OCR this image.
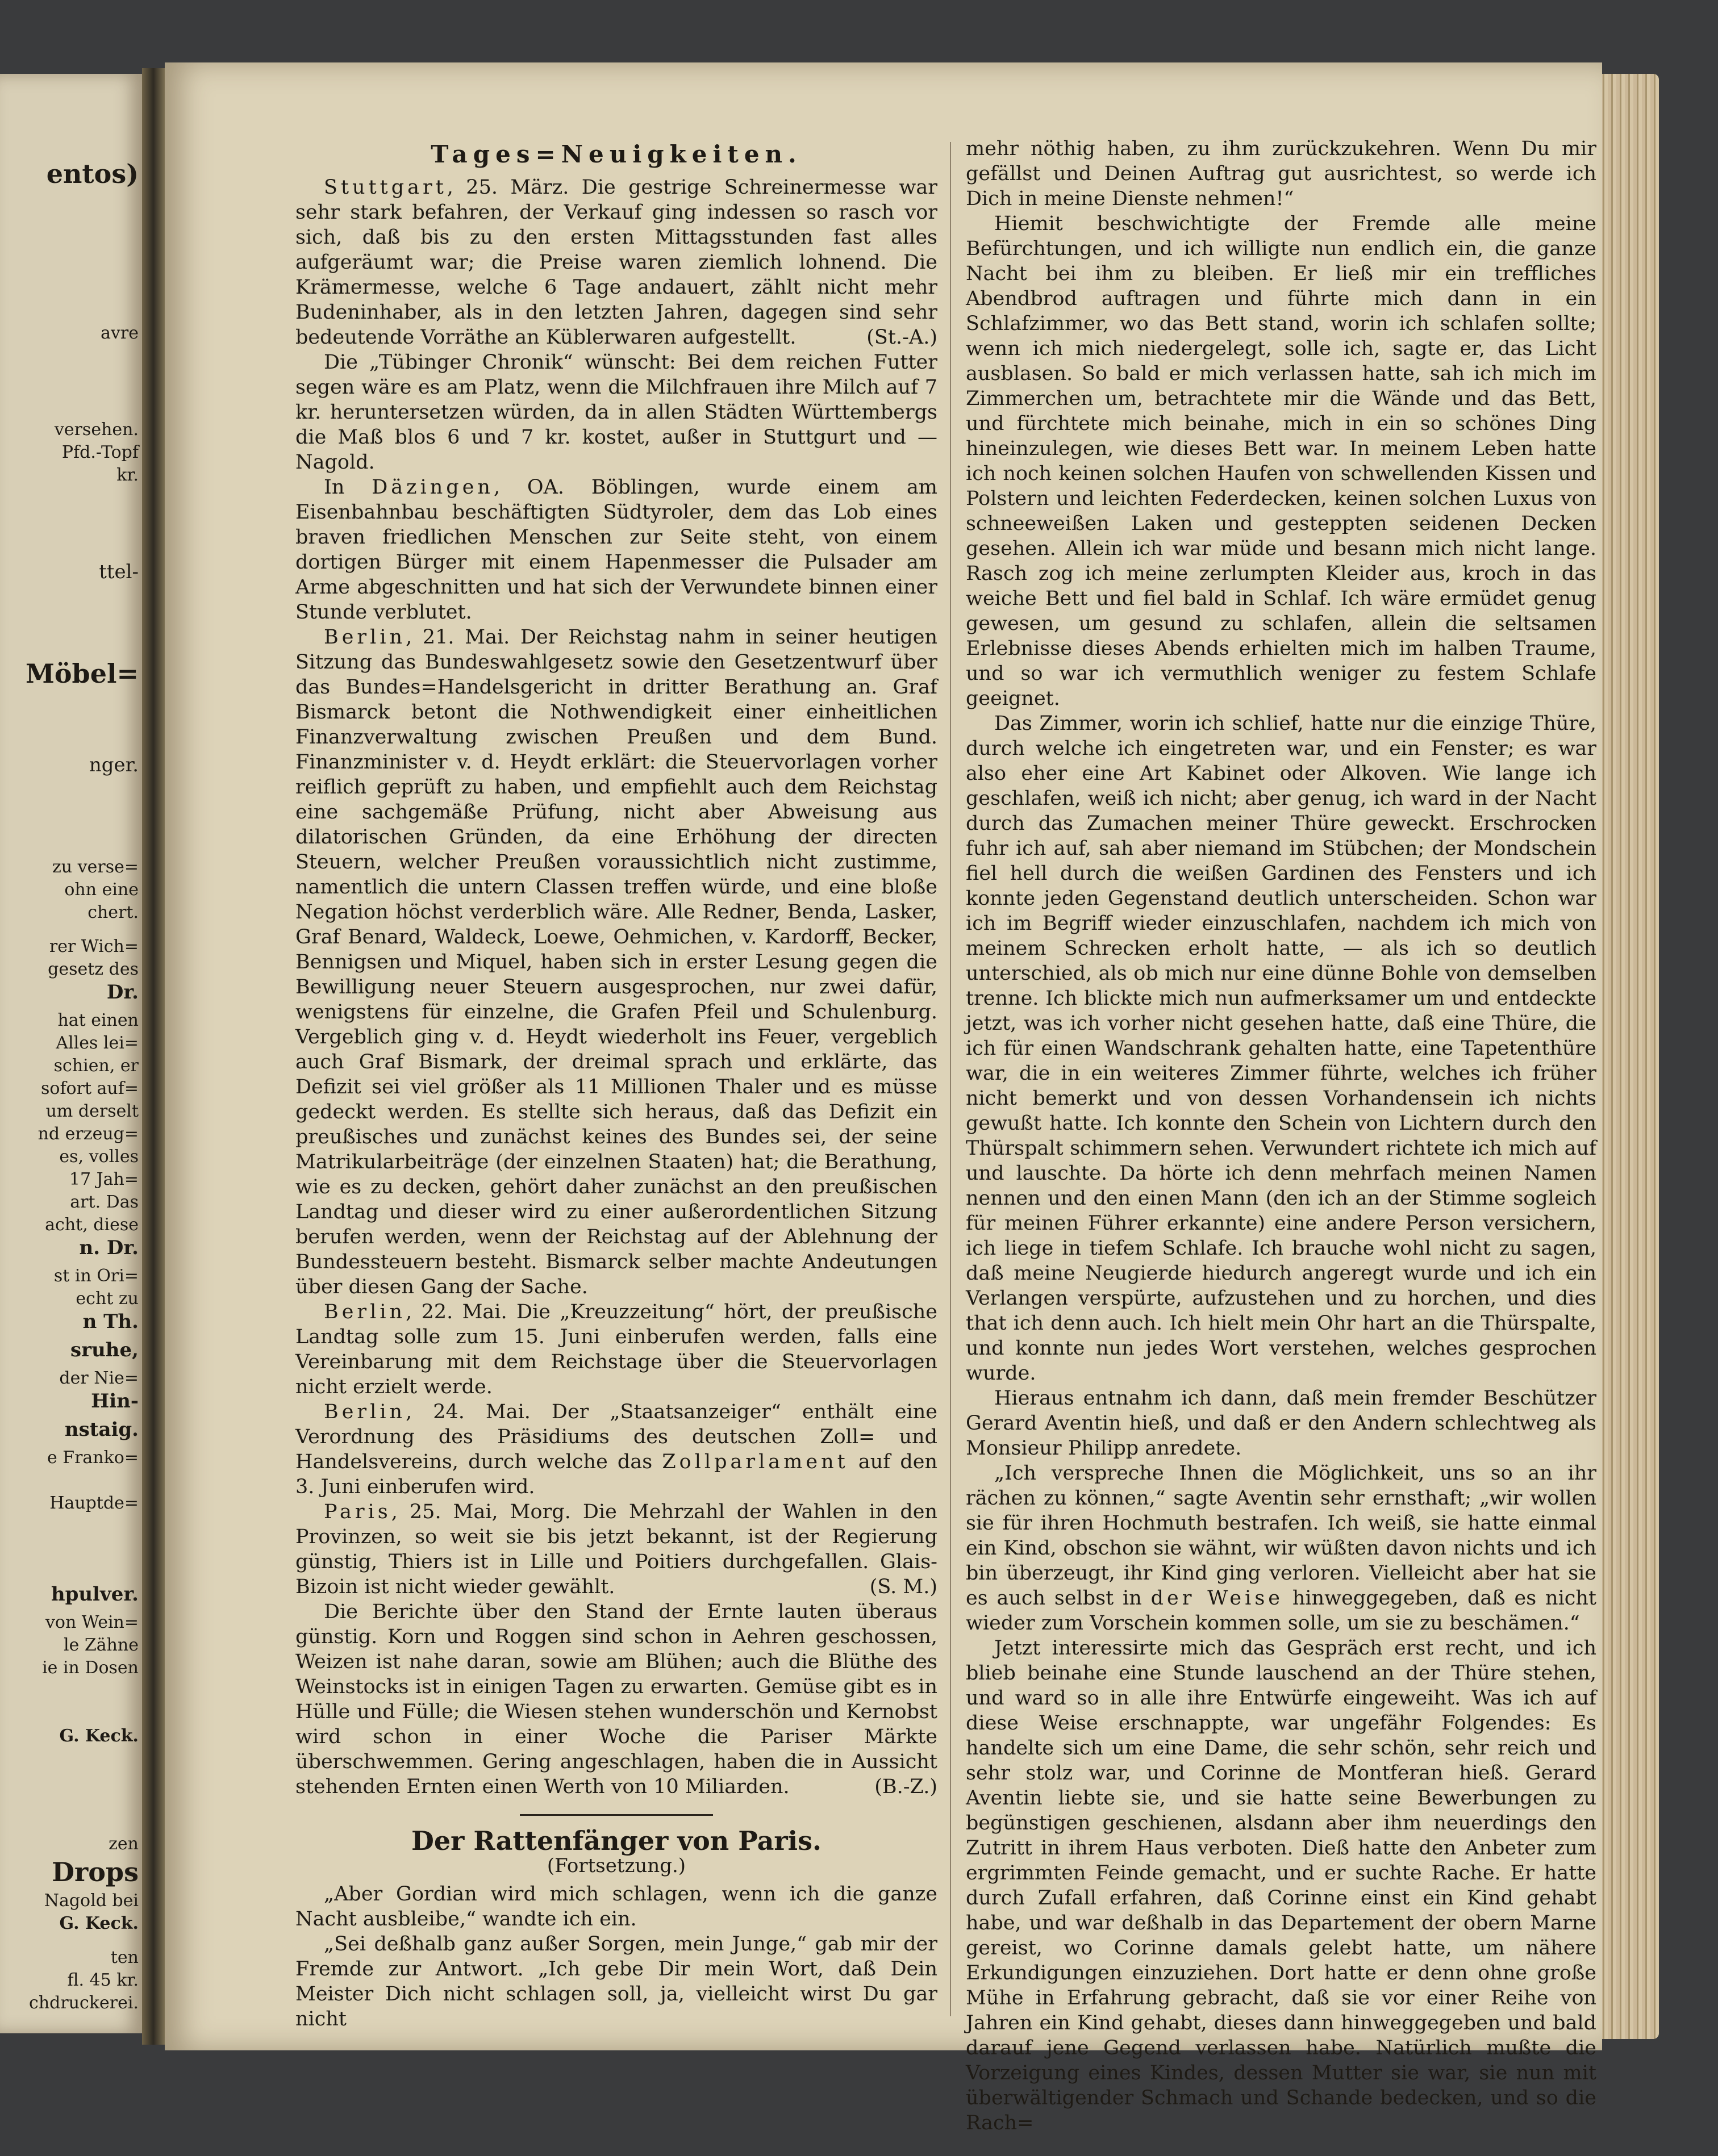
entos)
avre
versehen.
Pfd.-Topf
kr.
ttel-
Möbel=
nger.
zu verse=
ohn eine
chert.
rer Wich=
gesetz des
Dr.
hat einen
Alles lei=
schien, er
sofort auf=
um derselt
nd erzeug=
es, volles
17 Jah=
art. Das
acht, diese
n. Dr.
st in Ori=
echt zu
n Th.
sruhe,
der Nie=
Hin-
nstaig.
e Franko=
Hauptde=
hpulver.
von Wein=
le Zähne
ie in Dosen
G. Keck.
zen
Drops
Nagold bei
G. Keck.
ten
fl. 45 kr.
chdruckerei.
Tages=Neuigkeiten.

Stuttgart, 25. März. Die gestrige Schreinermesse war sehr stark befahren, der Verkauf ging indessen so rasch vor sich, daß bis zu den ersten Mittagsstunden fast alles aufgeräumt war; die Preise waren ziemlich lohnend. Die Krämermesse, welche 6 Tage andauert, zählt nicht mehr Budeninhaber, als in den letzten Jahren, dagegen sind sehr bedeutende Vorräthe an Küblerwaren aufgestellt.	(St.-A.)

Die „Tübinger Chronik“ wünscht: Bei dem reichen Futter segen wäre es am Platz, wenn die Milchfrauen ihre Milch auf 7 kr. heruntersetzen würden, da in allen Städten Württembergs die Maß blos 6 und 7 kr. kostet, außer in Stuttgurt und — Nagold.

In Däzingen, OA. Böblingen, wurde einem am Eisenbahnbau beschäftigten Südtyroler, dem das Lob eines braven friedlichen Menschen zur Seite steht, von einem dortigen Bürger mit einem Hapenmesser die Pulsader am Arme abgeschnitten und hat sich der Verwundete binnen einer Stunde verblutet.

Berlin, 21. Mai. Der Reichstag nahm in seiner heutigen Sitzung das Bundeswahlgesetz sowie den Gesetzentwurf über das Bundes=Handelsgericht in dritter Berathung an. Graf Bismarck betont die Nothwendigkeit einer einheitlichen Finanzverwaltung zwischen Preußen und dem Bund. Finanzminister v. d. Heydt erklärt: die Steuervorlagen vorher reiflich geprüft zu haben, und empfiehlt auch dem Reichstag eine sachgemäße Prüfung, nicht aber Abweisung aus dilatorischen Gründen, da eine Erhöhung der directen Steuern, welcher Preußen voraussichtlich nicht zustimme, namentlich die untern Classen treffen würde, und eine bloße Negation höchst verderblich wäre. Alle Redner, Benda, Lasker, Graf Benard, Waldeck, Loewe, Oehmichen, v. Kardorff, Becker, Bennigsen und Miquel, haben sich in erster Lesung gegen die Bewilligung neuer Steuern ausgesprochen, nur zwei dafür, wenigstens für einzelne, die Grafen Pfeil und Schulenburg. Vergeblich ging v. d. Heydt wiederholt ins Feuer, vergeblich auch Graf Bismark, der dreimal sprach und erklärte, das Defizit sei viel größer als 11 Millionen Thaler und es müsse gedeckt werden. Es stellte sich heraus, daß das Defizit ein preußisches und zunächst keines des Bundes sei, der seine Matrikularbeiträge (der einzelnen Staaten) hat; die Berathung, wie es zu decken, gehört daher zunächst an den preußischen Landtag und dieser wird zu einer außerordentlichen Sitzung berufen werden, wenn der Reichstag auf der Ablehnung der Bundessteuern besteht. Bismarck selber machte Andeutungen über diesen Gang der Sache.

Berlin, 22. Mai. Die „Kreuzzeitung“ hört, der preußische Landtag solle zum 15. Juni einberufen werden, falls eine Vereinbarung mit dem Reichstage über die Steuervorlagen nicht erzielt werde.

Berlin, 24. Mai. Der „Staatsanzeiger“ enthält eine Verordnung des Präsidiums des deutschen Zoll= und Handelsvereins, durch welche das Zollparlament auf den 3. Juni einberufen wird.

Paris, 25. Mai, Morg. Die Mehrzahl der Wahlen in den Provinzen, so weit sie bis jetzt bekannt, ist der Regierung günstig, Thiers ist in Lille und Poitiers durchgefallen. Glais-Bizoin ist nicht wieder gewählt.	(S. M.)

Die Berichte über den Stand der Ernte lauten überaus günstig. Korn und Roggen sind schon in Aehren geschossen, Weizen ist nahe daran, sowie am Blühen; auch die Blüthe des Weinstocks ist in einigen Tagen zu erwarten. Gemüse gibt es in Hülle und Fülle; die Wiesen stehen wunderschön und Kernobst wird schon in einer Woche die Pariser Märkte überschwemmen. Gering angeschlagen, haben die in Aussicht stehenden Ernten einen Werth von 10 Miliarden.	(B.-Z.)

Der Rattenfänger von Paris.
(Fortsetzung.)

„Aber Gordian wird mich schlagen, wenn ich die ganze Nacht ausbleibe,“ wandte ich ein.

„Sei deßhalb ganz außer Sorgen, mein Junge,“ gab mir der Fremde zur Antwort. „Ich gebe Dir mein Wort, daß Dein Meister Dich nicht schlagen soll, ja, vielleicht wirst Du gar nicht

mehr nöthig haben, zu ihm zurückzukehren. Wenn Du mir gefällst und Deinen Auftrag gut ausrichtest, so werde ich Dich in meine Dienste nehmen!“

Hiemit beschwichtigte der Fremde alle meine Befürchtungen, und ich willigte nun endlich ein, die ganze Nacht bei ihm zu bleiben. Er ließ mir ein treffliches Abendbrod auftragen und führte mich dann in ein Schlafzimmer, wo das Bett stand, worin ich schlafen sollte; wenn ich mich niedergelegt, solle ich, sagte er, das Licht ausblasen. So bald er mich verlassen hatte, sah ich mich im Zimmerchen um, betrachtete mir die Wände und das Bett, und fürchtete mich beinahe, mich in ein so schönes Ding hineinzulegen, wie dieses Bett war. In meinem Leben hatte ich noch keinen solchen Haufen von schwellenden Kissen und Polstern und leichten Federdecken, keinen solchen Luxus von schneeweißen Laken und gesteppten seidenen Decken gesehen. Allein ich war müde und besann mich nicht lange. Rasch zog ich meine zerlumpten Kleider aus, kroch in das weiche Bett und fiel bald in Schlaf. Ich wäre ermüdet genug gewesen, um gesund zu schlafen, allein die seltsamen Erlebnisse dieses Abends erhielten mich im halben Traume, und so war ich vermuthlich weniger zu festem Schlafe geeignet.

Das Zimmer, worin ich schlief, hatte nur die einzige Thüre, durch welche ich eingetreten war, und ein Fenster; es war also eher eine Art Kabinet oder Alkoven. Wie lange ich geschlafen, weiß ich nicht; aber genug, ich ward in der Nacht durch das Zumachen meiner Thüre geweckt. Erschrocken fuhr ich auf, sah aber niemand im Stübchen; der Mondschein fiel hell durch die weißen Gardinen des Fensters und ich konnte jeden Gegenstand deutlich unterscheiden. Schon war ich im Begriff wieder einzuschlafen, nachdem ich mich von meinem Schrecken erholt hatte, — als ich so deutlich unterschied, als ob mich nur eine dünne Bohle von demselben trenne. Ich blickte mich nun aufmerksamer um und entdeckte jetzt, was ich vorher nicht gesehen hatte, daß eine Thüre, die ich für einen Wandschrank gehalten hatte, eine Tapetenthüre war, die in ein weiteres Zimmer führte, welches ich früher nicht bemerkt und von dessen Vorhandensein ich nichts gewußt hatte. Ich konnte den Schein von Lichtern durch den Thürspalt schimmern sehen. Verwundert richtete ich mich auf und lauschte. Da hörte ich denn mehrfach meinen Namen nennen und den einen Mann (den ich an der Stimme sogleich für meinen Führer erkannte) eine andere Person versichern, ich liege in tiefem Schlafe. Ich brauche wohl nicht zu sagen, daß meine Neugierde hiedurch angeregt wurde und ich ein Verlangen verspürte, aufzustehen und zu horchen, und dies that ich denn auch. Ich hielt mein Ohr hart an die Thürspalte, und konnte nun jedes Wort verstehen, welches gesprochen wurde.

Hieraus entnahm ich dann, daß mein fremder Beschützer Gerard Aventin hieß, und daß er den Andern schlechtweg als Monsieur Philipp anredete.

„Ich verspreche Ihnen die Möglichkeit, uns so an ihr rächen zu können,“ sagte Aventin sehr ernsthaft; „wir wollen sie für ihren Hochmuth bestrafen. Ich weiß, sie hatte einmal ein Kind, obschon sie wähnt, wir wüßten davon nichts und ich bin überzeugt, ihr Kind ging verloren. Vielleicht aber hat sie es auch selbst in der Weise hinweggegeben, daß es nicht wieder zum Vorschein kommen solle, um sie zu beschämen.“

Jetzt interessirte mich das Gespräch erst recht, und ich blieb beinahe eine Stunde lauschend an der Thüre stehen, und ward so in alle ihre Entwürfe eingeweiht. Was ich auf diese Weise erschnappte, war ungefähr Folgendes: Es handelte sich um eine Dame, die sehr schön, sehr reich und sehr stolz war, und Corinne de Montferan hieß. Gerard Aventin liebte sie, und sie hatte seine Bewerbungen zu begünstigen geschienen, alsdann aber ihm neuerdings den Zutritt in ihrem Haus verboten. Dieß hatte den Anbeter zum ergrimmten Feinde gemacht, und er suchte Rache. Er hatte durch Zufall erfahren, daß Corinne einst ein Kind gehabt habe, und war deßhalb in das Departement der obern Marne gereist, wo Corinne damals gelebt hatte, um nähere Erkundigungen einzuziehen. Dort hatte er denn ohne große Mühe in Erfahrung gebracht, daß sie vor einer Reihe von Jahren ein Kind gehabt, dieses dann hinweggegeben und bald darauf jene Gegend verlassen habe. Natürlich mußte die Vorzeigung eines Kindes, dessen Mutter sie war, sie nun mit überwältigender Schmach und Schande bedecken, und so die Rach=
